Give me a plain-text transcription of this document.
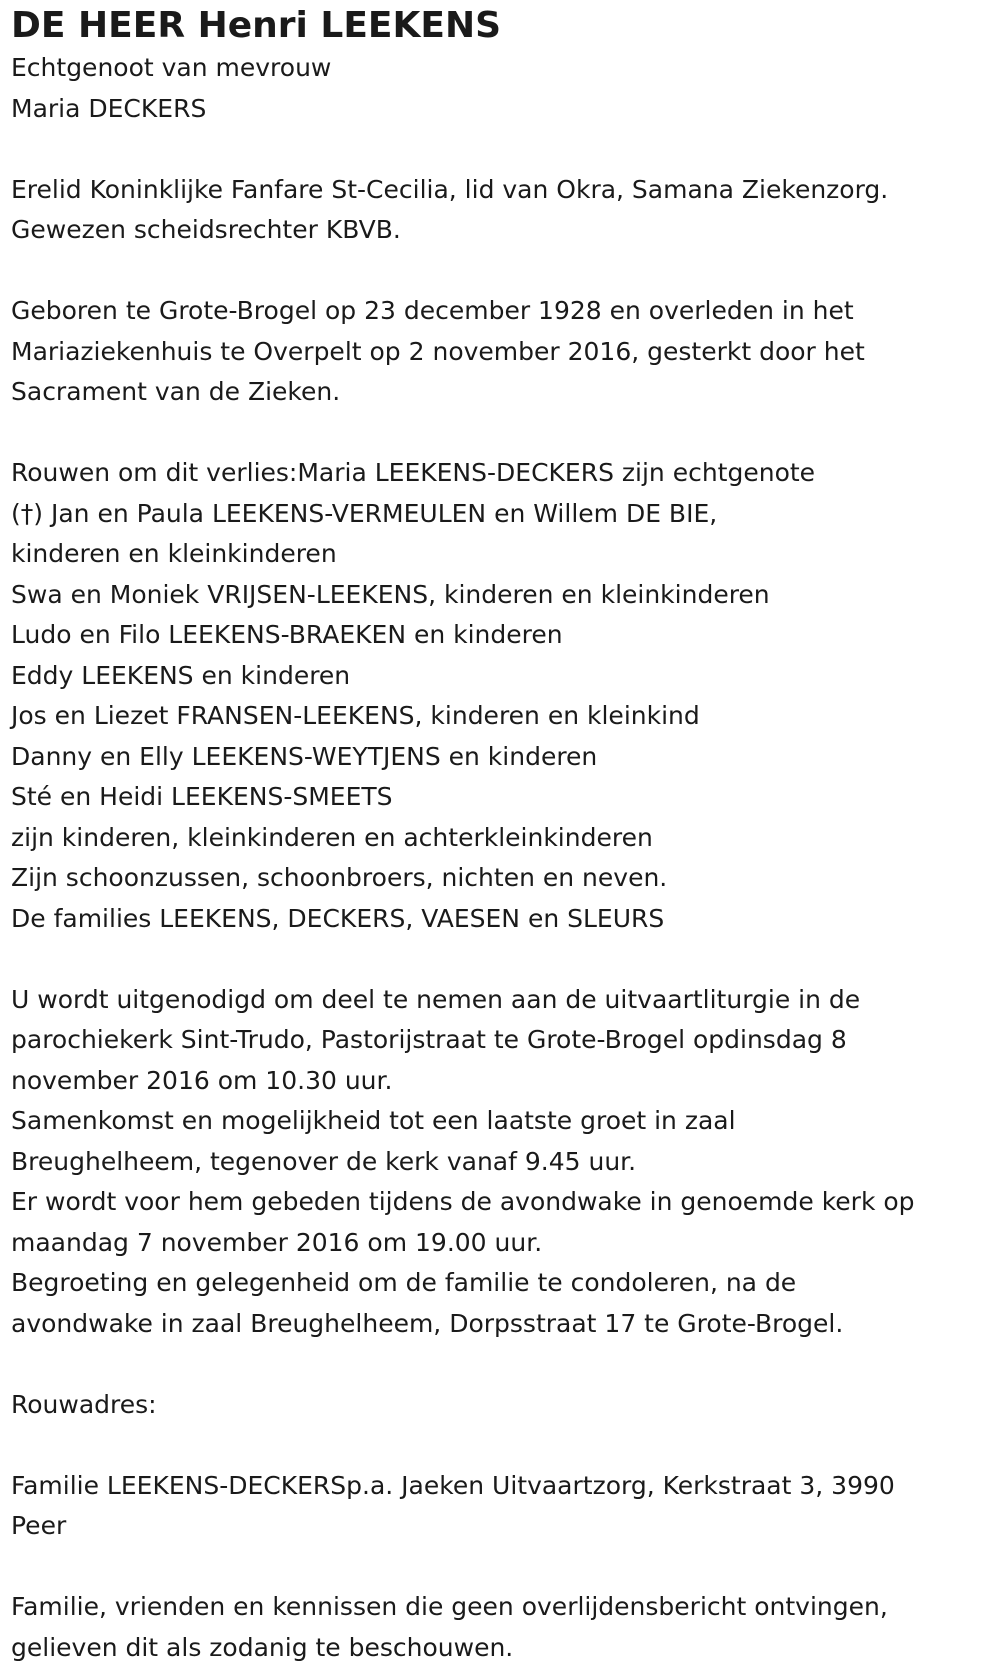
DE HEER Henri LEEKENS
Echtgenoot van mevrouw
Maria DECKERS
Erelid Koninklijke Fanfare St-Cecilia, lid van Okra, Samana Ziekenzorg.
Gewezen scheidsrechter KBVB.
Geboren te Grote-Brogel op 23 december 1928 en overleden in het
Mariaziekenhuis te Overpelt op 2 november 2016, gesterkt door het
Sacrament van de Zieken.
Rouwen om dit verlies:Maria LEEKENS-DECKERS zijn echtgenote
(†) Jan en Paula LEEKENS-VERMEULEN en Willem DE BIE,
kinderen en kleinkinderen
Swa en Moniek VRIJSEN-LEEKENS, kinderen en kleinkinderen
Ludo en Filo LEEKENS-BRAEKEN en kinderen
Eddy LEEKENS en kinderen
Jos en Liezet FRANSEN-LEEKENS, kinderen en kleinkind
Danny en Elly LEEKENS-WEYTJENS en kinderen
Sté en Heidi LEEKENS-SMEETS
zijn kinderen, kleinkinderen en achterkleinkinderen
Zijn schoonzussen, schoonbroers, nichten en neven.
De families LEEKENS, DECKERS, VAESEN en SLEURS
U wordt uitgenodigd om deel te nemen aan de uitvaartliturgie in de
parochiekerk Sint-Trudo, Pastorijstraat te Grote-Brogel opdinsdag 8
november 2016 om 10.30 uur.
Samenkomst en mogelijkheid tot een laatste groet in zaal
Breughelheem, tegenover de kerk vanaf 9.45 uur.
Er wordt voor hem gebeden tijdens de avondwake in genoemde kerk op
maandag 7 november 2016 om 19.00 uur.
Begroeting en gelegenheid om de familie te condoleren, na de
avondwake in zaal Breughelheem, Dorpsstraat 17 te Grote-Brogel.
Rouwadres:
Familie LEEKENS-DECKERSp.a. Jaeken Uitvaartzorg, Kerkstraat 3, 3990
Peer
Familie, vrienden en kennissen die geen overlijdensbericht ontvingen,
gelieven dit als zodanig te beschouwen.
